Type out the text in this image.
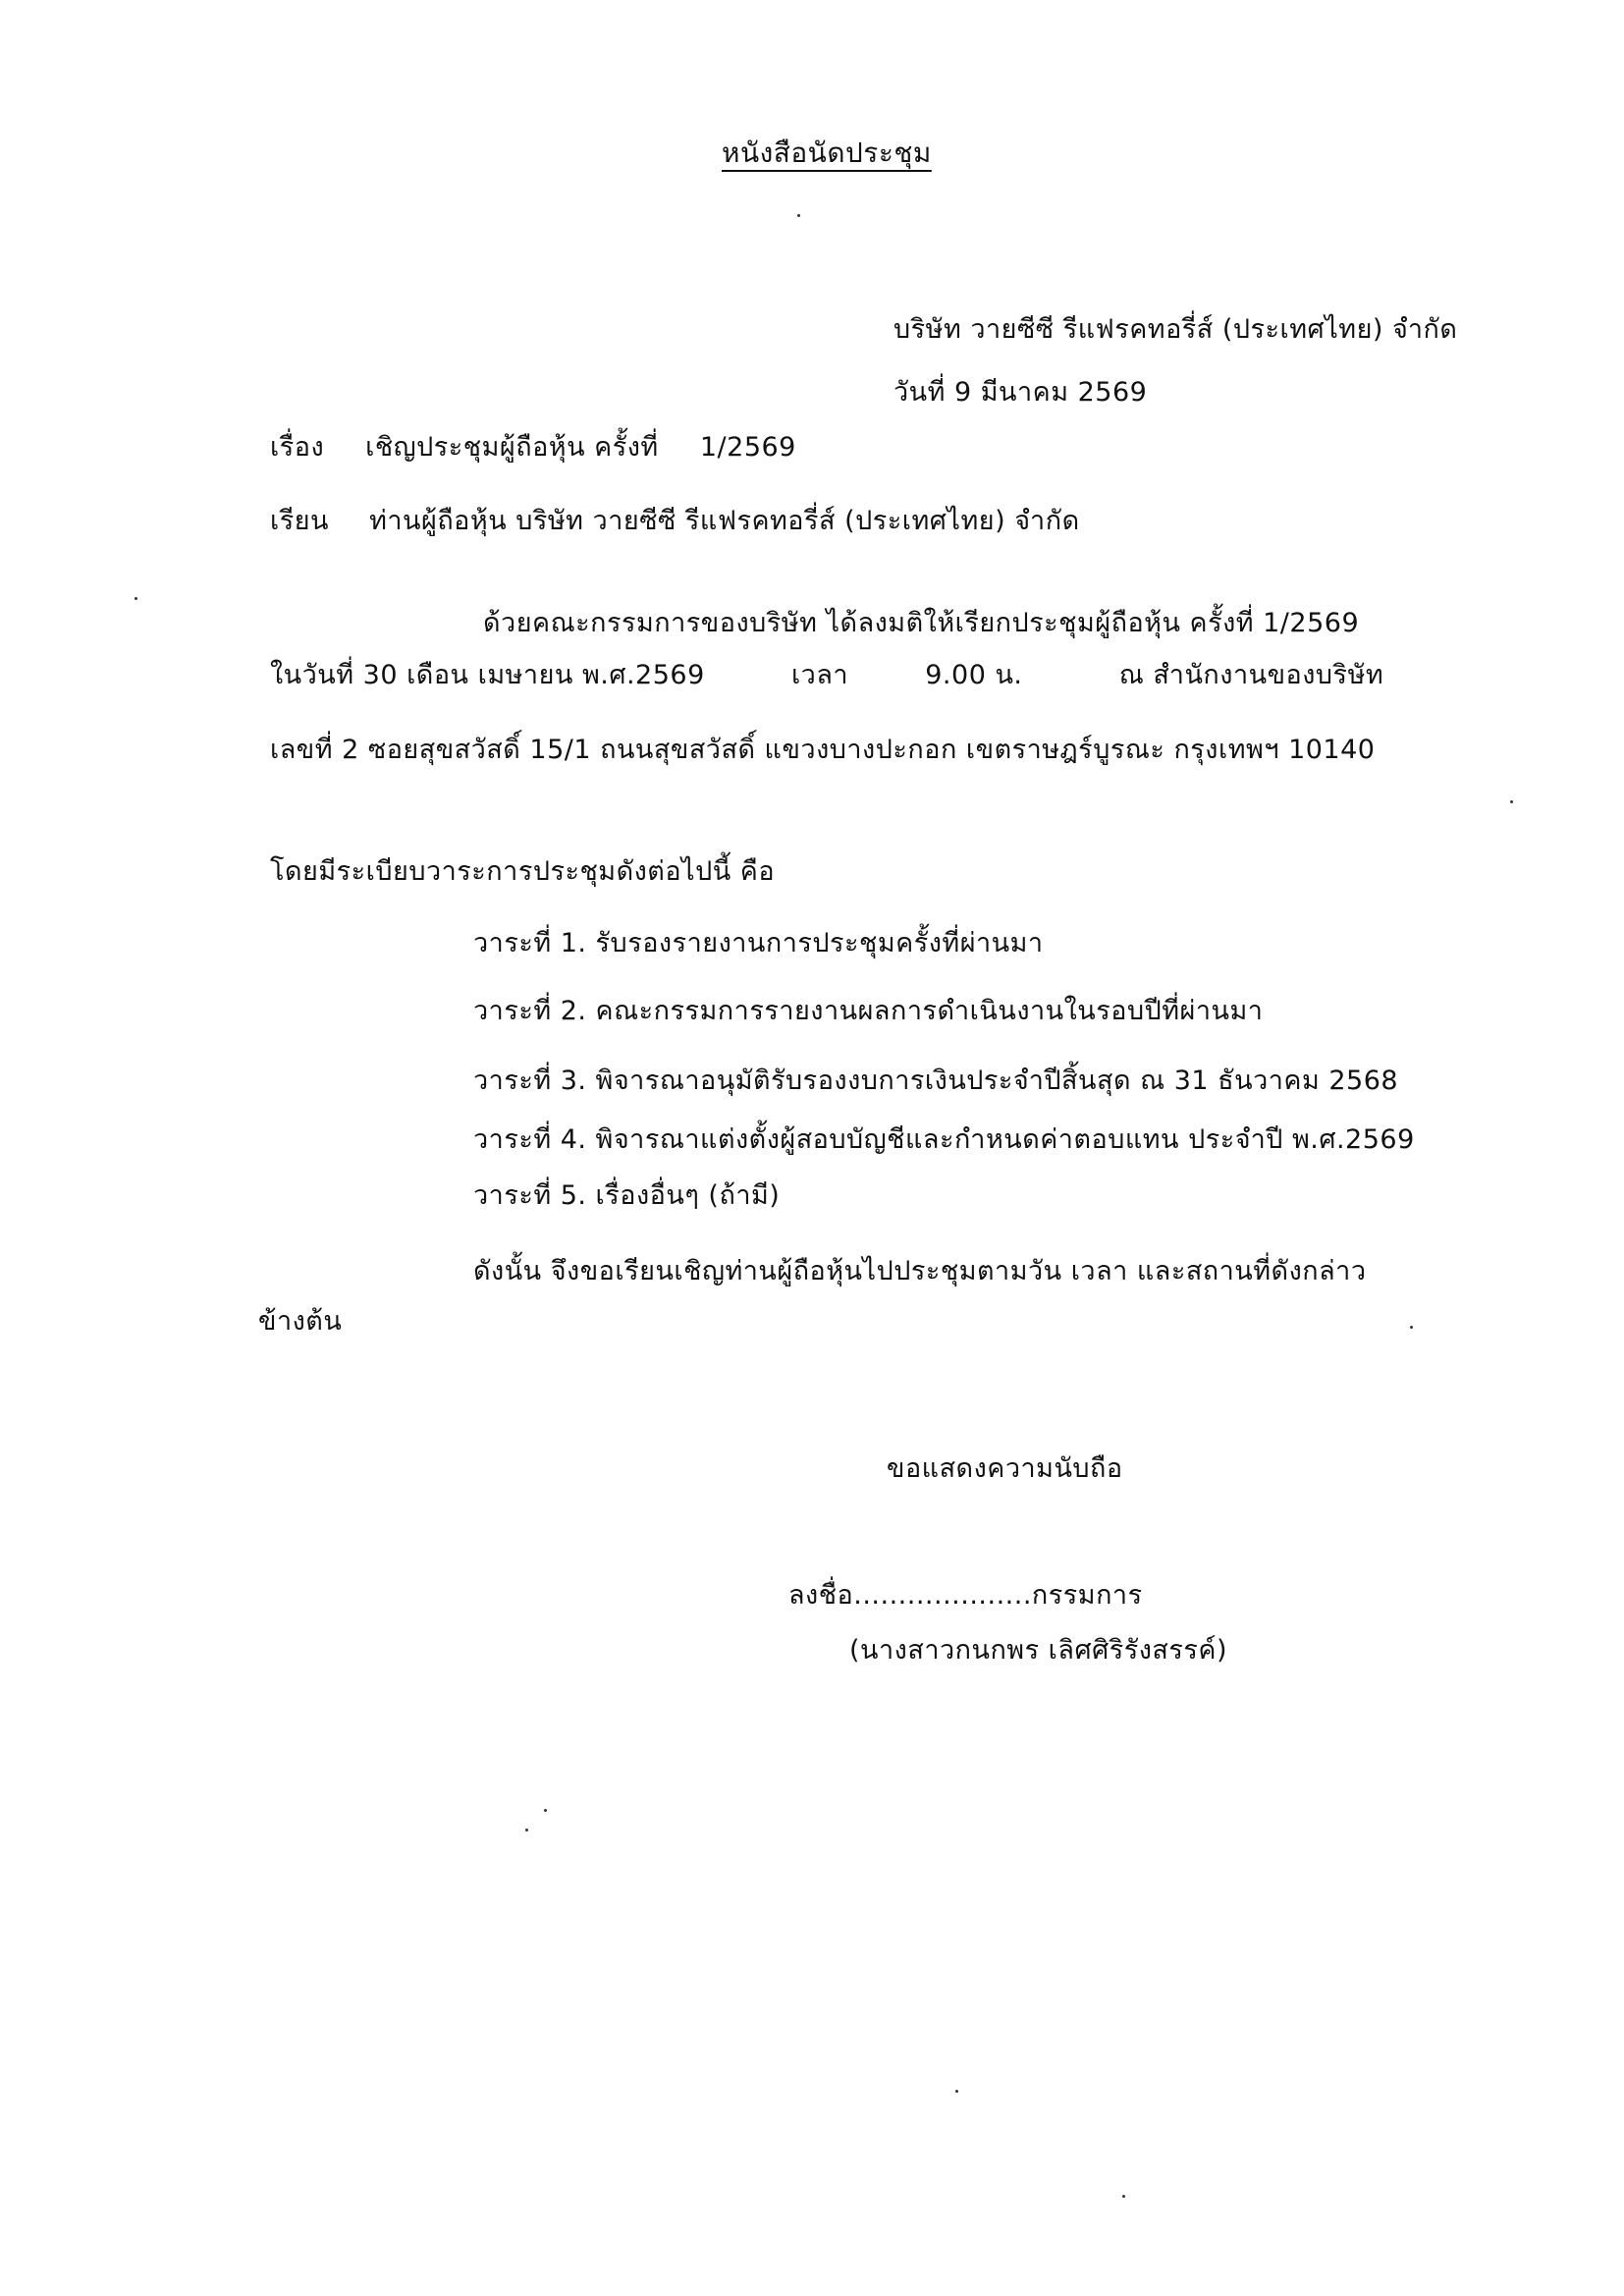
หนังสือนัดประชุม
บริษัท วายซีซี รีแฟรคทอรี่ส์ (ประเทศไทย) จำกัด
วันที่ 9 มีนาคม 2569
เรื่อง เชิญประชุมผู้ถือหุ้น ครั้งที่ 1/2569
เรียน ท่านผู้ถือหุ้น บริษัท วายซีซี รีแฟรคทอรี่ส์ (ประเทศไทย) จำกัด
ด้วยคณะกรรมการของบริษัท ได้ลงมติให้เรียกประชุมผู้ถือหุ้น ครั้งที่ 1/2569
ในวันที่ 30 เดือน เมษายน พ.ศ.2569	เวลา	9.00 น.	ณ สำนักงานของบริษัท
เลขที่ 2 ซอยสุขสวัสดิ์ 15/1 ถนนสุขสวัสดิ์ แขวงบางปะกอก เขตราษฎร์บูรณะ กรุงเทพฯ 10140
โดยมีระเบียบวาระการประชุมดังต่อไปนี้ คือ
วาระที่ 1. รับรองรายงานการประชุมครั้งที่ผ่านมา
วาระที่ 2. คณะกรรมการรายงานผลการดำเนินงานในรอบปีที่ผ่านมา
วาระที่ 3. พิจารณาอนุมัติรับรองงบการเงินประจำปีสิ้นสุด ณ 31 ธันวาคม 2568
วาระที่ 4. พิจารณาแต่งตั้งผู้สอบบัญชีและกำหนดค่าตอบแทน ประจำปี พ.ศ.2569
วาระที่ 5. เรื่องอื่นๆ (ถ้ามี)
ดังนั้น จึงขอเรียนเชิญท่านผู้ถือหุ้นไปประชุมตามวัน เวลา และสถานที่ดังกล่าว
ข้างต้น
ขอแสดงความนับถือ
ลงชื่อ....................กรรมการ
(นางสาวกนกพร เลิศศิริรังสรรค์)
